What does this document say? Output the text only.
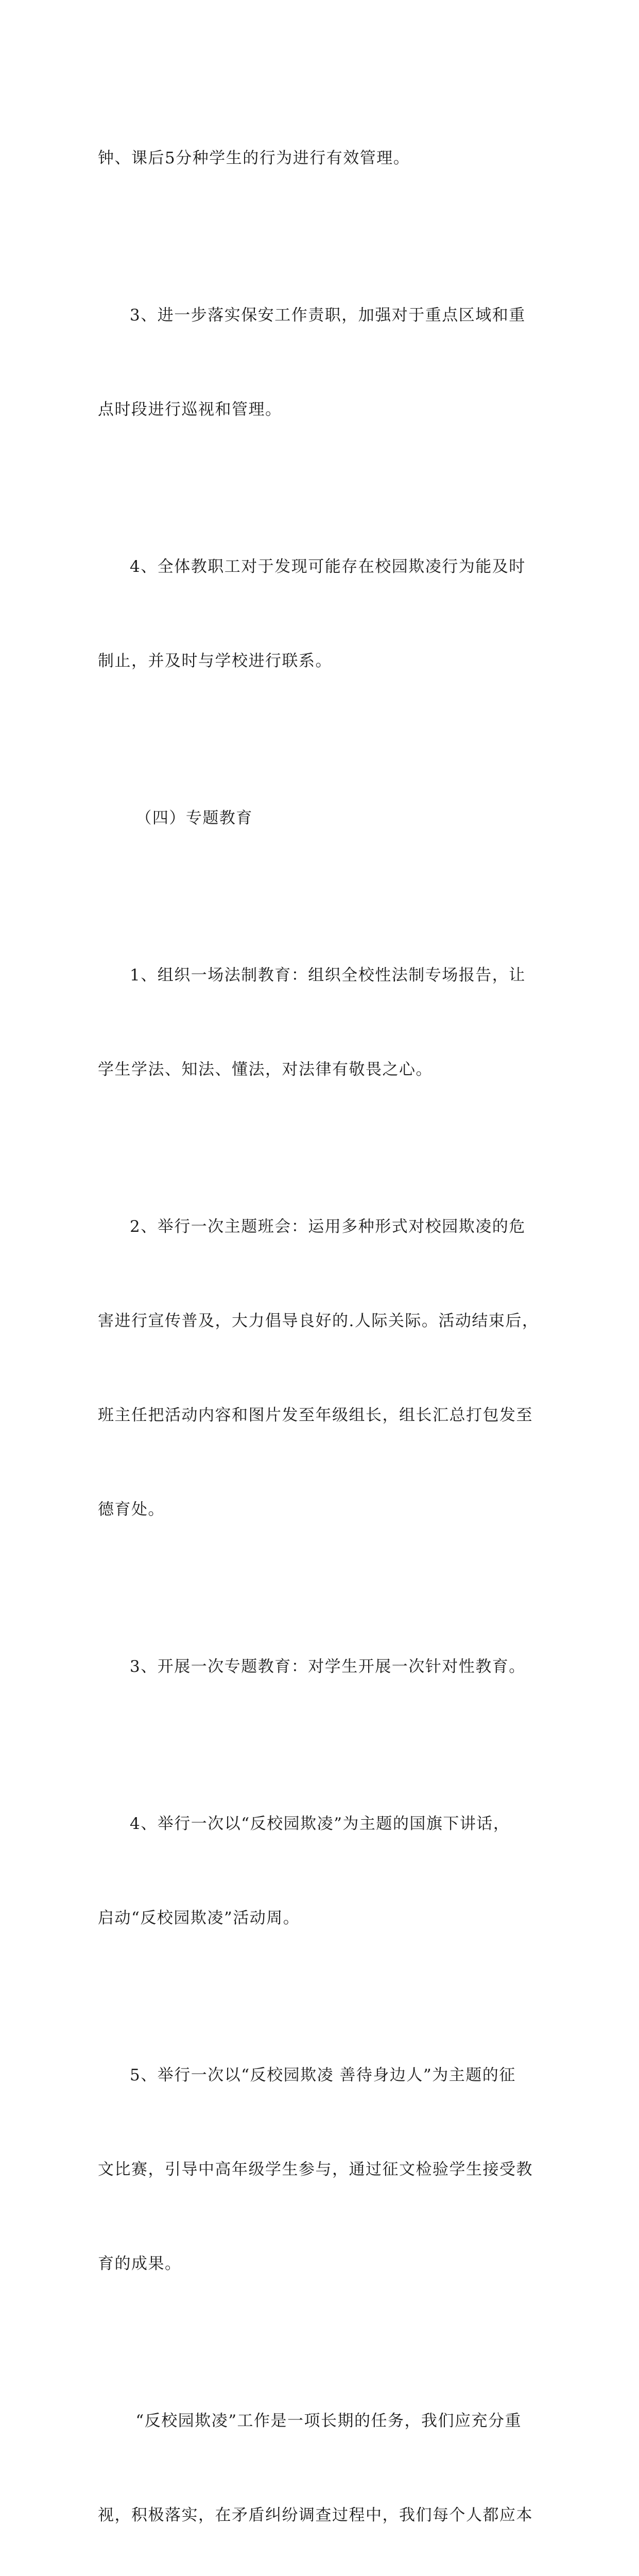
钟、课后5分种学生的行为进行有效管理。

3、进一步落实保安工作责职，加强对于重点区域和重

点时段进行巡视和管理。

4、全体教职工对于发现可能存在校园欺凌行为能及时

制止，并及时与学校进行联系。

（四）专题教育

1、组织一场法制教育：组织全校性法制专场报告，让

学生学法、知法、懂法，对法律有敬畏之心。

2、举行一次主题班会：运用多种形式对校园欺凌的危

害进行宣传普及，大力倡导良好的.人际关际。活动结束后，

班主任把活动内容和图片发至年级组长，组长汇总打包发至

德育处。

3、开展一次专题教育：对学生开展一次针对性教育。

4、举行一次以“反校园欺凌”为主题的国旗下讲话，

启动“反校园欺凌”活动周。

5、举行一次以“反校园欺凌 善待身边人”为主题的征

文比赛，引导中高年级学生参与，通过征文检验学生接受教

育的成果。

“反校园欺凌”工作是一项长期的任务，我们应充分重

视，积极落实，在矛盾纠纷调查过程中，我们每个人都应本
